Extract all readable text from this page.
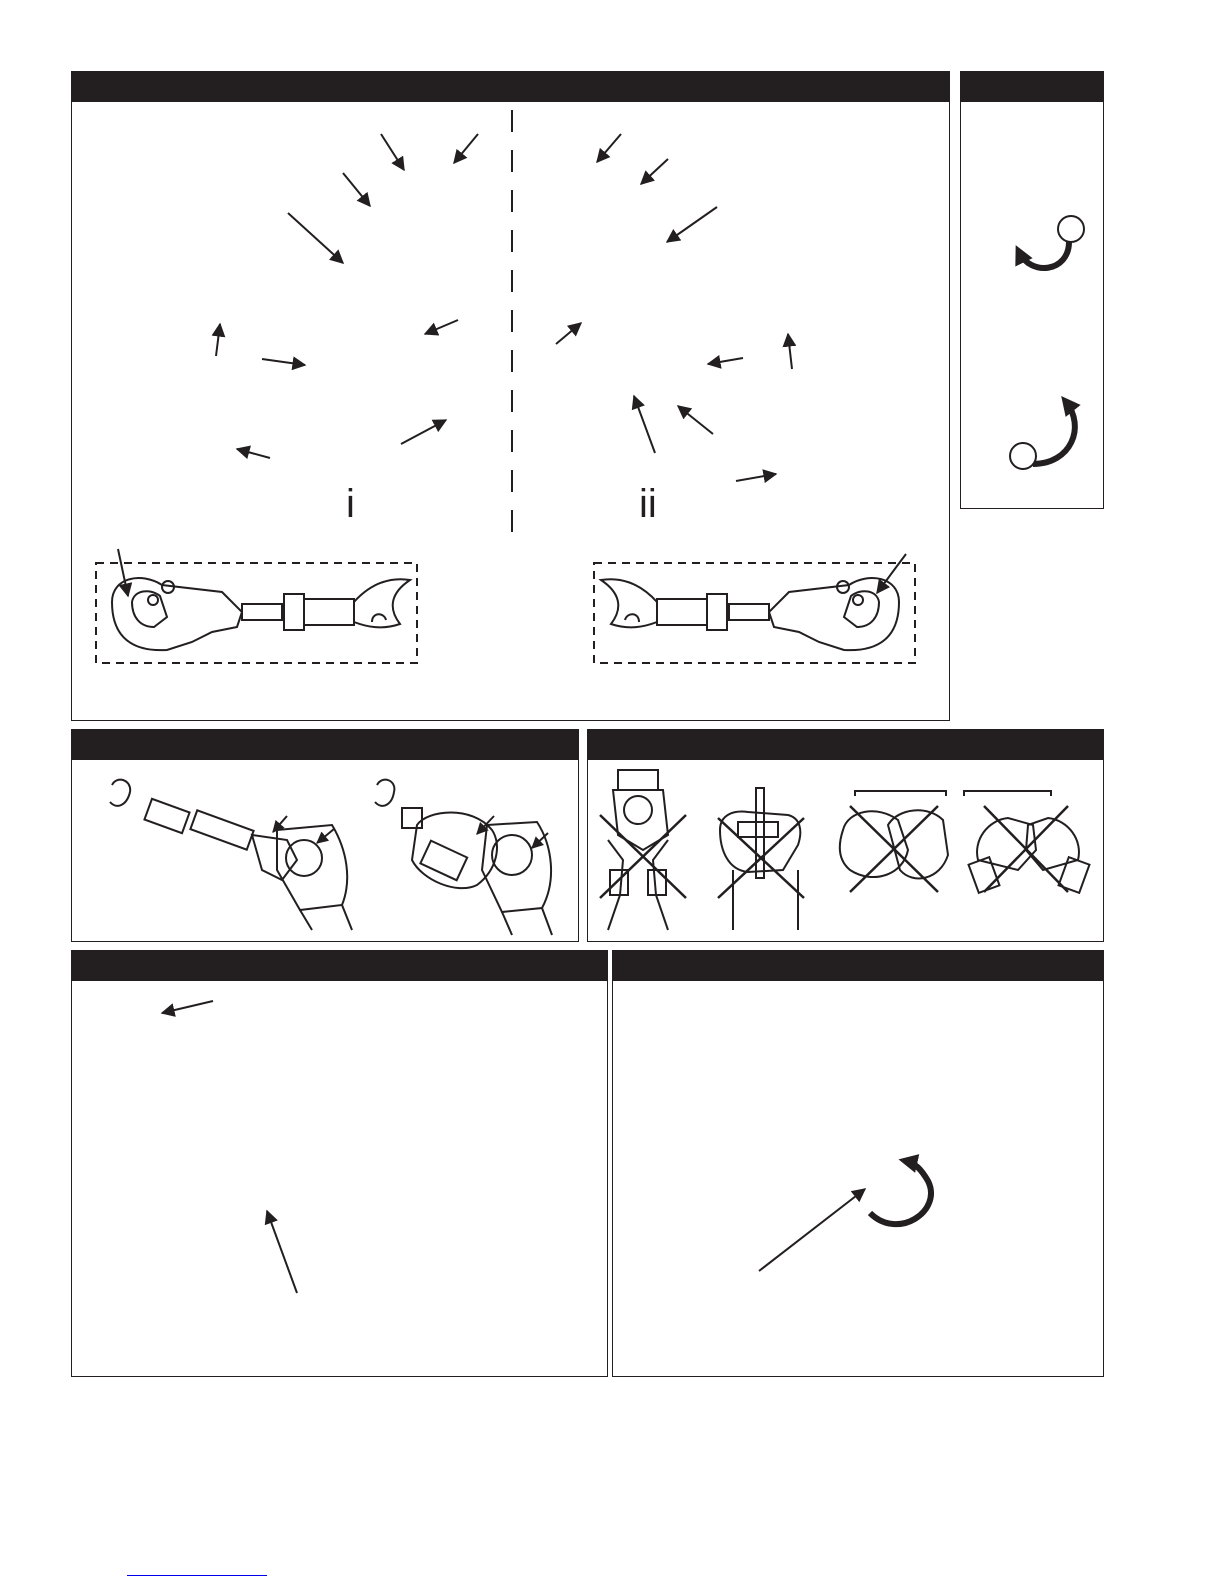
i	ii
